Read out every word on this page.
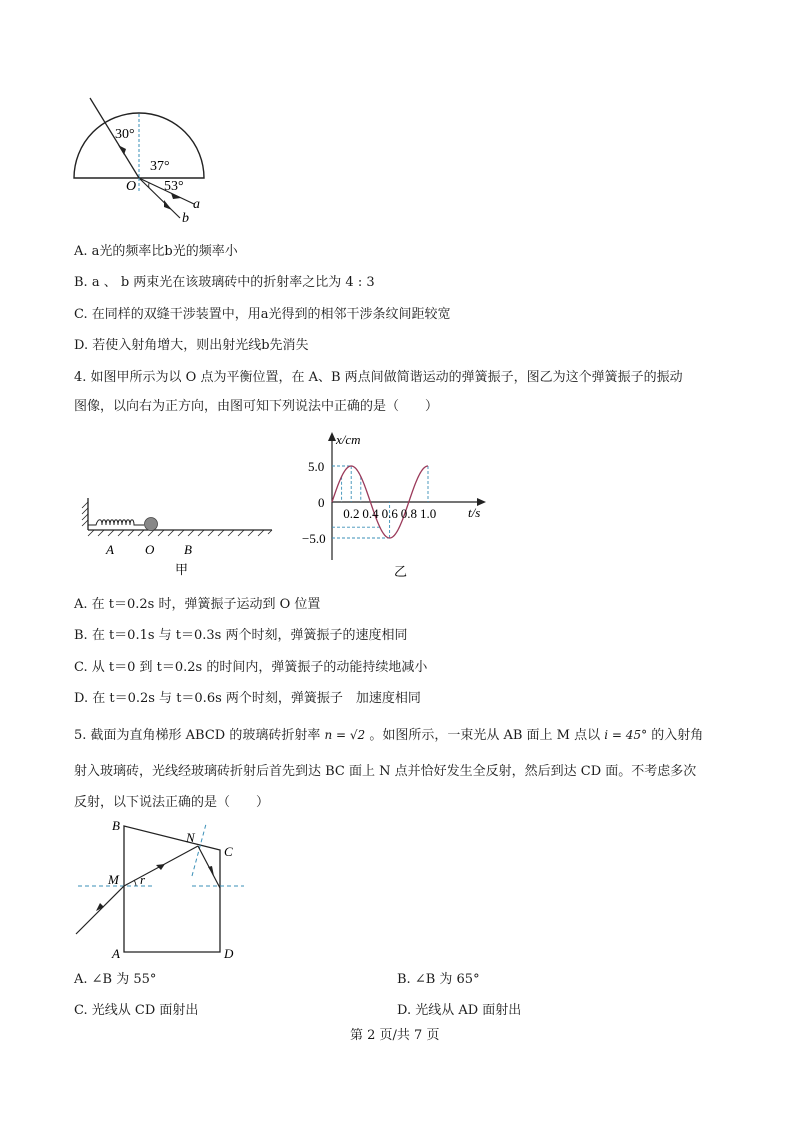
30°
37°
53°
O
a
b
A. a光的频率比b光的频率小
B. a 、 b 两束光在该玻璃砖中的折射率之比为 4 : 3
C. 在同样的双缝干涉装置中，用a光得到的相邻干涉条纹间距较宽
D. 若使入射角增大，则出射光线b先消失
4. 如图甲所示为以 O 点为平衡位置，在 A、B 两点间做简谐运动的弹簧振子，图乙为这个弹簧振子的振动
图像，以向右为正方向，由图可知下列说法中正确的是（　　）
A O B
甲
x/cm
t/s
0.2 0.4 0.6 0.8 1.0
5.0
0
−5.0
乙
A. 在 t＝0.2s 时，弹簧振子运动到 O 位置
B. 在 t＝0.1s 与 t＝0.3s 两个时刻，弹簧振子的速度相同
C. 从 t＝0 到 t＝0.2s 的时间内，弹簧振子的动能持续地减小
D. 在 t＝0.2s 与 t＝0.6s 两个时刻，弹簧振子　加速度相同
5. 截面为直角梯形 ABCD 的玻璃砖折射率 n = √2 。如图所示，一束光从 AB 面上 M 点以 i = 45° 的入射角
射入玻璃砖，光线经玻璃砖折射后首先到达 BC 面上 N 点并恰好发生全反射，然后到达 CD 面。不考虑多次
反射，以下说法正确的是（　　）
B
N
C
M r
A	D
A. ∠B 为 55°	B. ∠B 为 65°
C. 光线从 CD 面射出	D. 光线从 AD 面射出
第 2 页/共 7 页
